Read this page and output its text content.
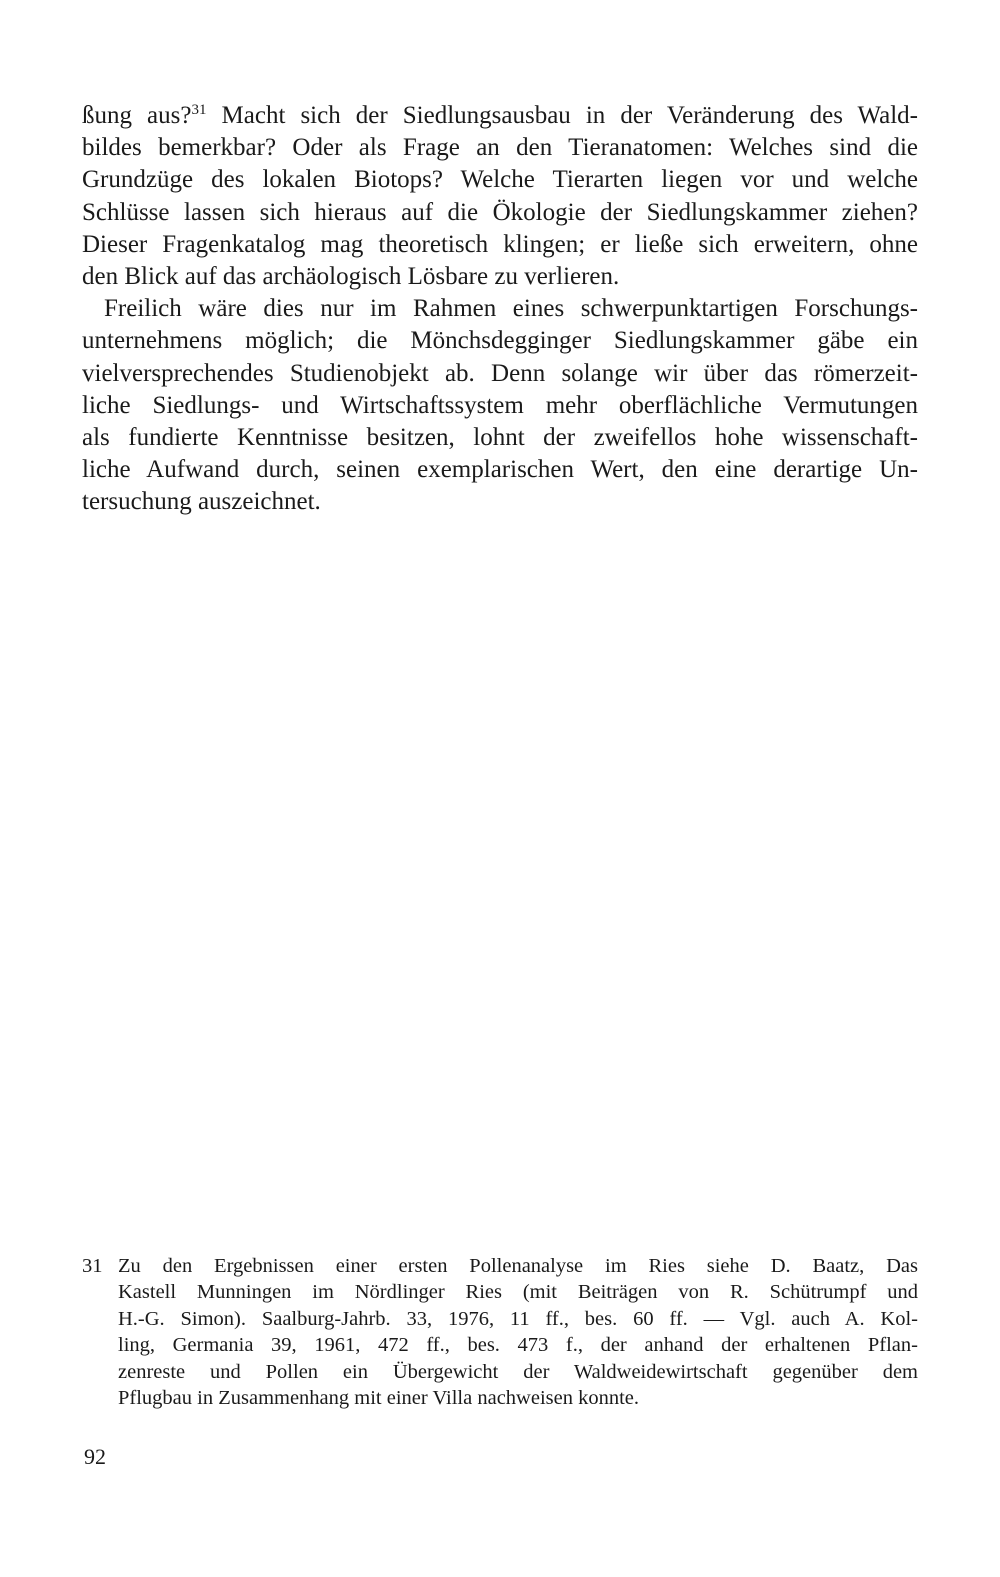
ßung aus?$^{31}$ Macht sich der Siedlungsausbau in der Veränderung des Wald-
bildes bemerkbar? Oder als Frage an den Tieranatomen: Welches sind die
Grundzüge des lokalen Biotops? Welche Tierarten liegen vor und welche
Schlüsse lassen sich hieraus auf die Ökologie der Siedlungskammer ziehen?
Dieser Fragenkatalog mag theoretisch klingen; er ließe sich erweitern, ohne
den Blick auf das archäologisch Lösbare zu verlieren.

Freilich wäre dies nur im Rahmen eines schwerpunktartigen Forschungs-
unternehmens möglich; die Mönchsdegginger Siedlungskammer gäbe ein
vielversprechendes Studienobjekt ab. Denn solange wir über das römerzeit-
liche Siedlungs- und Wirtschaftssystem mehr oberflächliche Vermutungen
als fundierte Kenntnisse besitzen, lohnt der zweifellos hohe wissenschaft-
liche Aufwand durch, seinen exemplarischen Wert, den eine derartige Un-
tersuchung auszeichnet.

31 Zu den Ergebnissen einer ersten Pollenanalyse im Ries siehe D. Baatz, Das
Kastell Munningen im Nördlinger Ries (mit Beiträgen von R. Schütrumpf und
H.-G. Simon). Saalburg-Jahrb. 33, 1976, 11 ff., bes. 60 ff. — Vgl. auch A. Kol-
ling, Germania 39, 1961, 472 ff., bes. 473 f., der anhand der erhaltenen Pflan-
zenreste und Pollen ein Übergewicht der Waldweidewirtschaft gegenüber dem
Pflugbau in Zusammenhang mit einer Villa nachweisen konnte.
92
